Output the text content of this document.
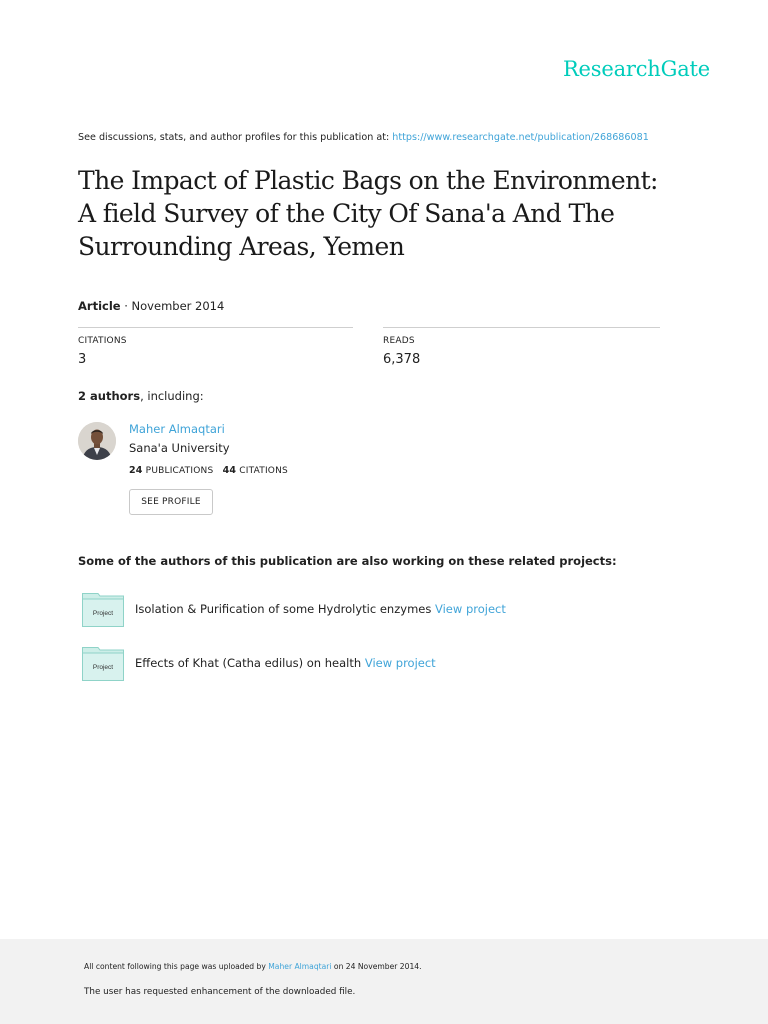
ResearchGate
See discussions, stats, and author profiles for this publication at: https://www.researchgate.net/publication/268686081
The Impact of Plastic Bags on the Environment:
A field Survey of the City Of Sana'a And The
Surrounding Areas, Yemen
Article · November 2014
CITATIONS
3
READS
6,378
2 authors, including:
Maher Almaqtari
Sana'a University
24 PUBLICATIONS 44 CITATIONS
SEE PROFILE
Some of the authors of this publication are also working on these related projects:
Project Isolation & Purification of some Hydrolytic enzymes View project
Project Effects of Khat (Catha edilus) on health View project
All content following this page was uploaded by Maher Almaqtari on 24 November 2014.
The user has requested enhancement of the downloaded file.
